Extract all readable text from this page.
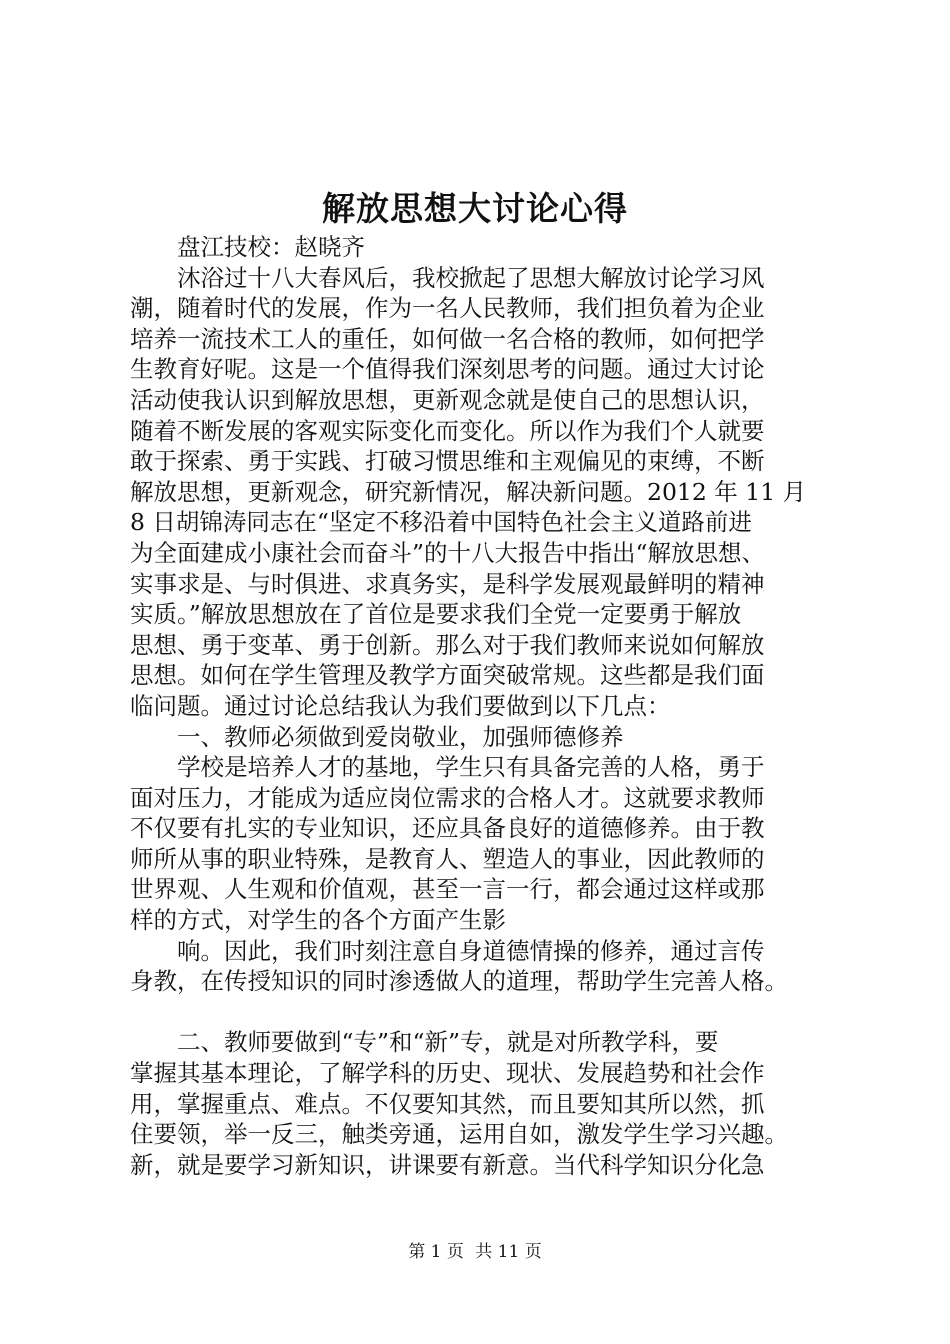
解放思想大讨论心得

盘江技校：赵晓齐

沐浴过十八大春风后，我校掀起了思想大解放讨论学习风
潮，随着时代的发展，作为一名人民教师，我们担负着为企业
培养一流技术工人的重任，如何做一名合格的教师，如何把学
生教育好呢。这是一个值得我们深刻思考的问题。通过大讨论
活动使我认识到解放思想，更新观念就是使自己的思想认识，
随着不断发展的客观实际变化而变化。所以作为我们个人就要
敢于探索、勇于实践、打破习惯思维和主观偏见的束缚，不断
解放思想，更新观念，研究新情况，解决新问题。2012 年 11 月
8 日胡锦涛同志在“坚定不移沿着中国特色社会主义道路前进
为全面建成小康社会而奋斗”的十八大报告中指出“解放思想、
实事求是、与时俱进、求真务实，是科学发展观最鲜明的精神
实质。”解放思想放在了首位是要求我们全党一定要勇于解放
思想、勇于变革、勇于创新。那么对于我们教师来说如何解放
思想。如何在学生管理及教学方面突破常规。这些都是我们面
临问题。通过讨论总结我认为我们要做到以下几点：

一、教师必须做到爱岗敬业，加强师德修养

学校是培养人才的基地，学生只有具备完善的人格，勇于
面对压力，才能成为适应岗位需求的合格人才。这就要求教师
不仅要有扎实的专业知识，还应具备良好的道德修养。由于教
师所从事的职业特殊，是教育人、塑造人的事业，因此教师的
世界观、人生观和价值观，甚至一言一行，都会通过这样或那
样的方式，对学生的各个方面产生影

响。因此，我们时刻注意自身道德情操的修养，通过言传
身教，在传授知识的同时渗透做人的道理，帮助学生完善人格。

二、教师要做到“专”和“新”专，就是对所教学科，要
掌握其基本理论，了解学科的历史、现状、发展趋势和社会作
用，掌握重点、难点。不仅要知其然，而且要知其所以然，抓
住要领，举一反三，触类旁通，运用自如，激发学生学习兴趣。
新，就是要学习新知识，讲课要有新意。当代科学知识分化急

第 1 页 共 11 页
